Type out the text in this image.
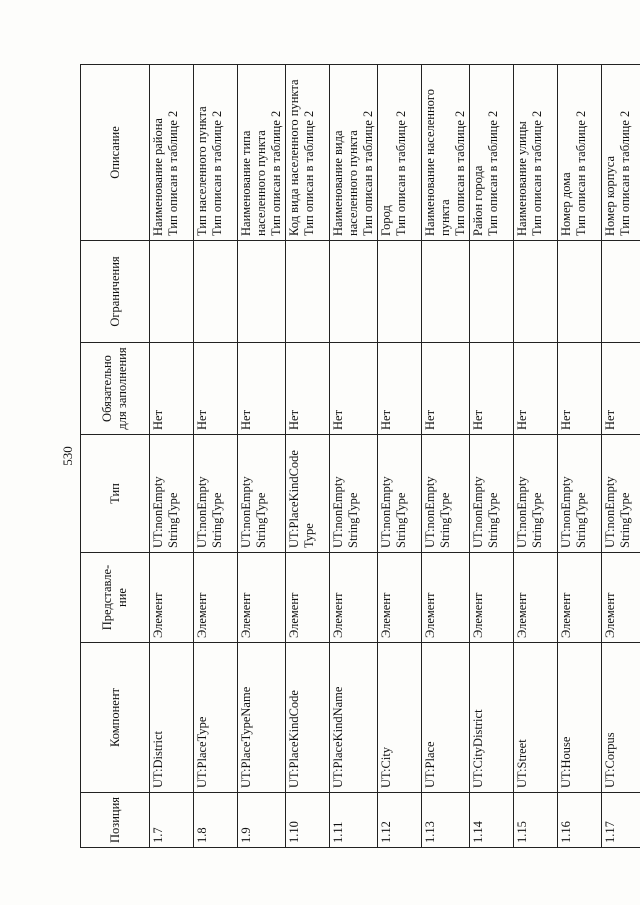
530
Позиция	Компонент	Представле-ние	Тип	Обязательно для заполнения	Ограничения	Описание
1.7	UT:District	Элемент	UT:nonEmpty StringType	Нет		Наименование района Тип описан в таблице 2

1.8	UT:PlaceType	Элемент	UT:nonEmpty StringType	Нет		Тип населенного пункта Тип описан в таблице 2

1.9	UT:PlaceTypeName	Элемент	UT:nonEmpty StringType	Нет		Наименование типа населенного пункта Тип описан в таблице 2

1.10	UT:PlaceKindCode	Элемент	UT:PlaceKindCode Type	Нет		Код вида населенного пункта Тип описан в таблице 2

1.11	UT:PlaceKindName	Элемент	UT:nonEmpty StringType	Нет		Наименование вида населенного пункта Тип описан в таблице 2

1.12	UT:City	Элемент	UT:nonEmpty StringType	Нет		Город Тип описан в таблице 2

1.13	UT:Place	Элемент	UT:nonEmpty StringType	Нет		Наименование населенного пункта Тип описан в таблице 2

1.14	UT:CityDistrict	Элемент	UT:nonEmpty StringType	Нет		Район города Тип описан в таблице 2

1.15	UT:Street	Элемент	UT:nonEmpty StringType	Нет		Наименование улицы Тип описан в таблице 2

1.16	UT:House	Элемент	UT:nonEmpty StringType	Нет		Номер дома Тип описан в таблице 2

1.17	UT:Corpus	Элемент	UT:nonEmpty StringType	Нет		Номер корпуса Тип описан в таблице 2
